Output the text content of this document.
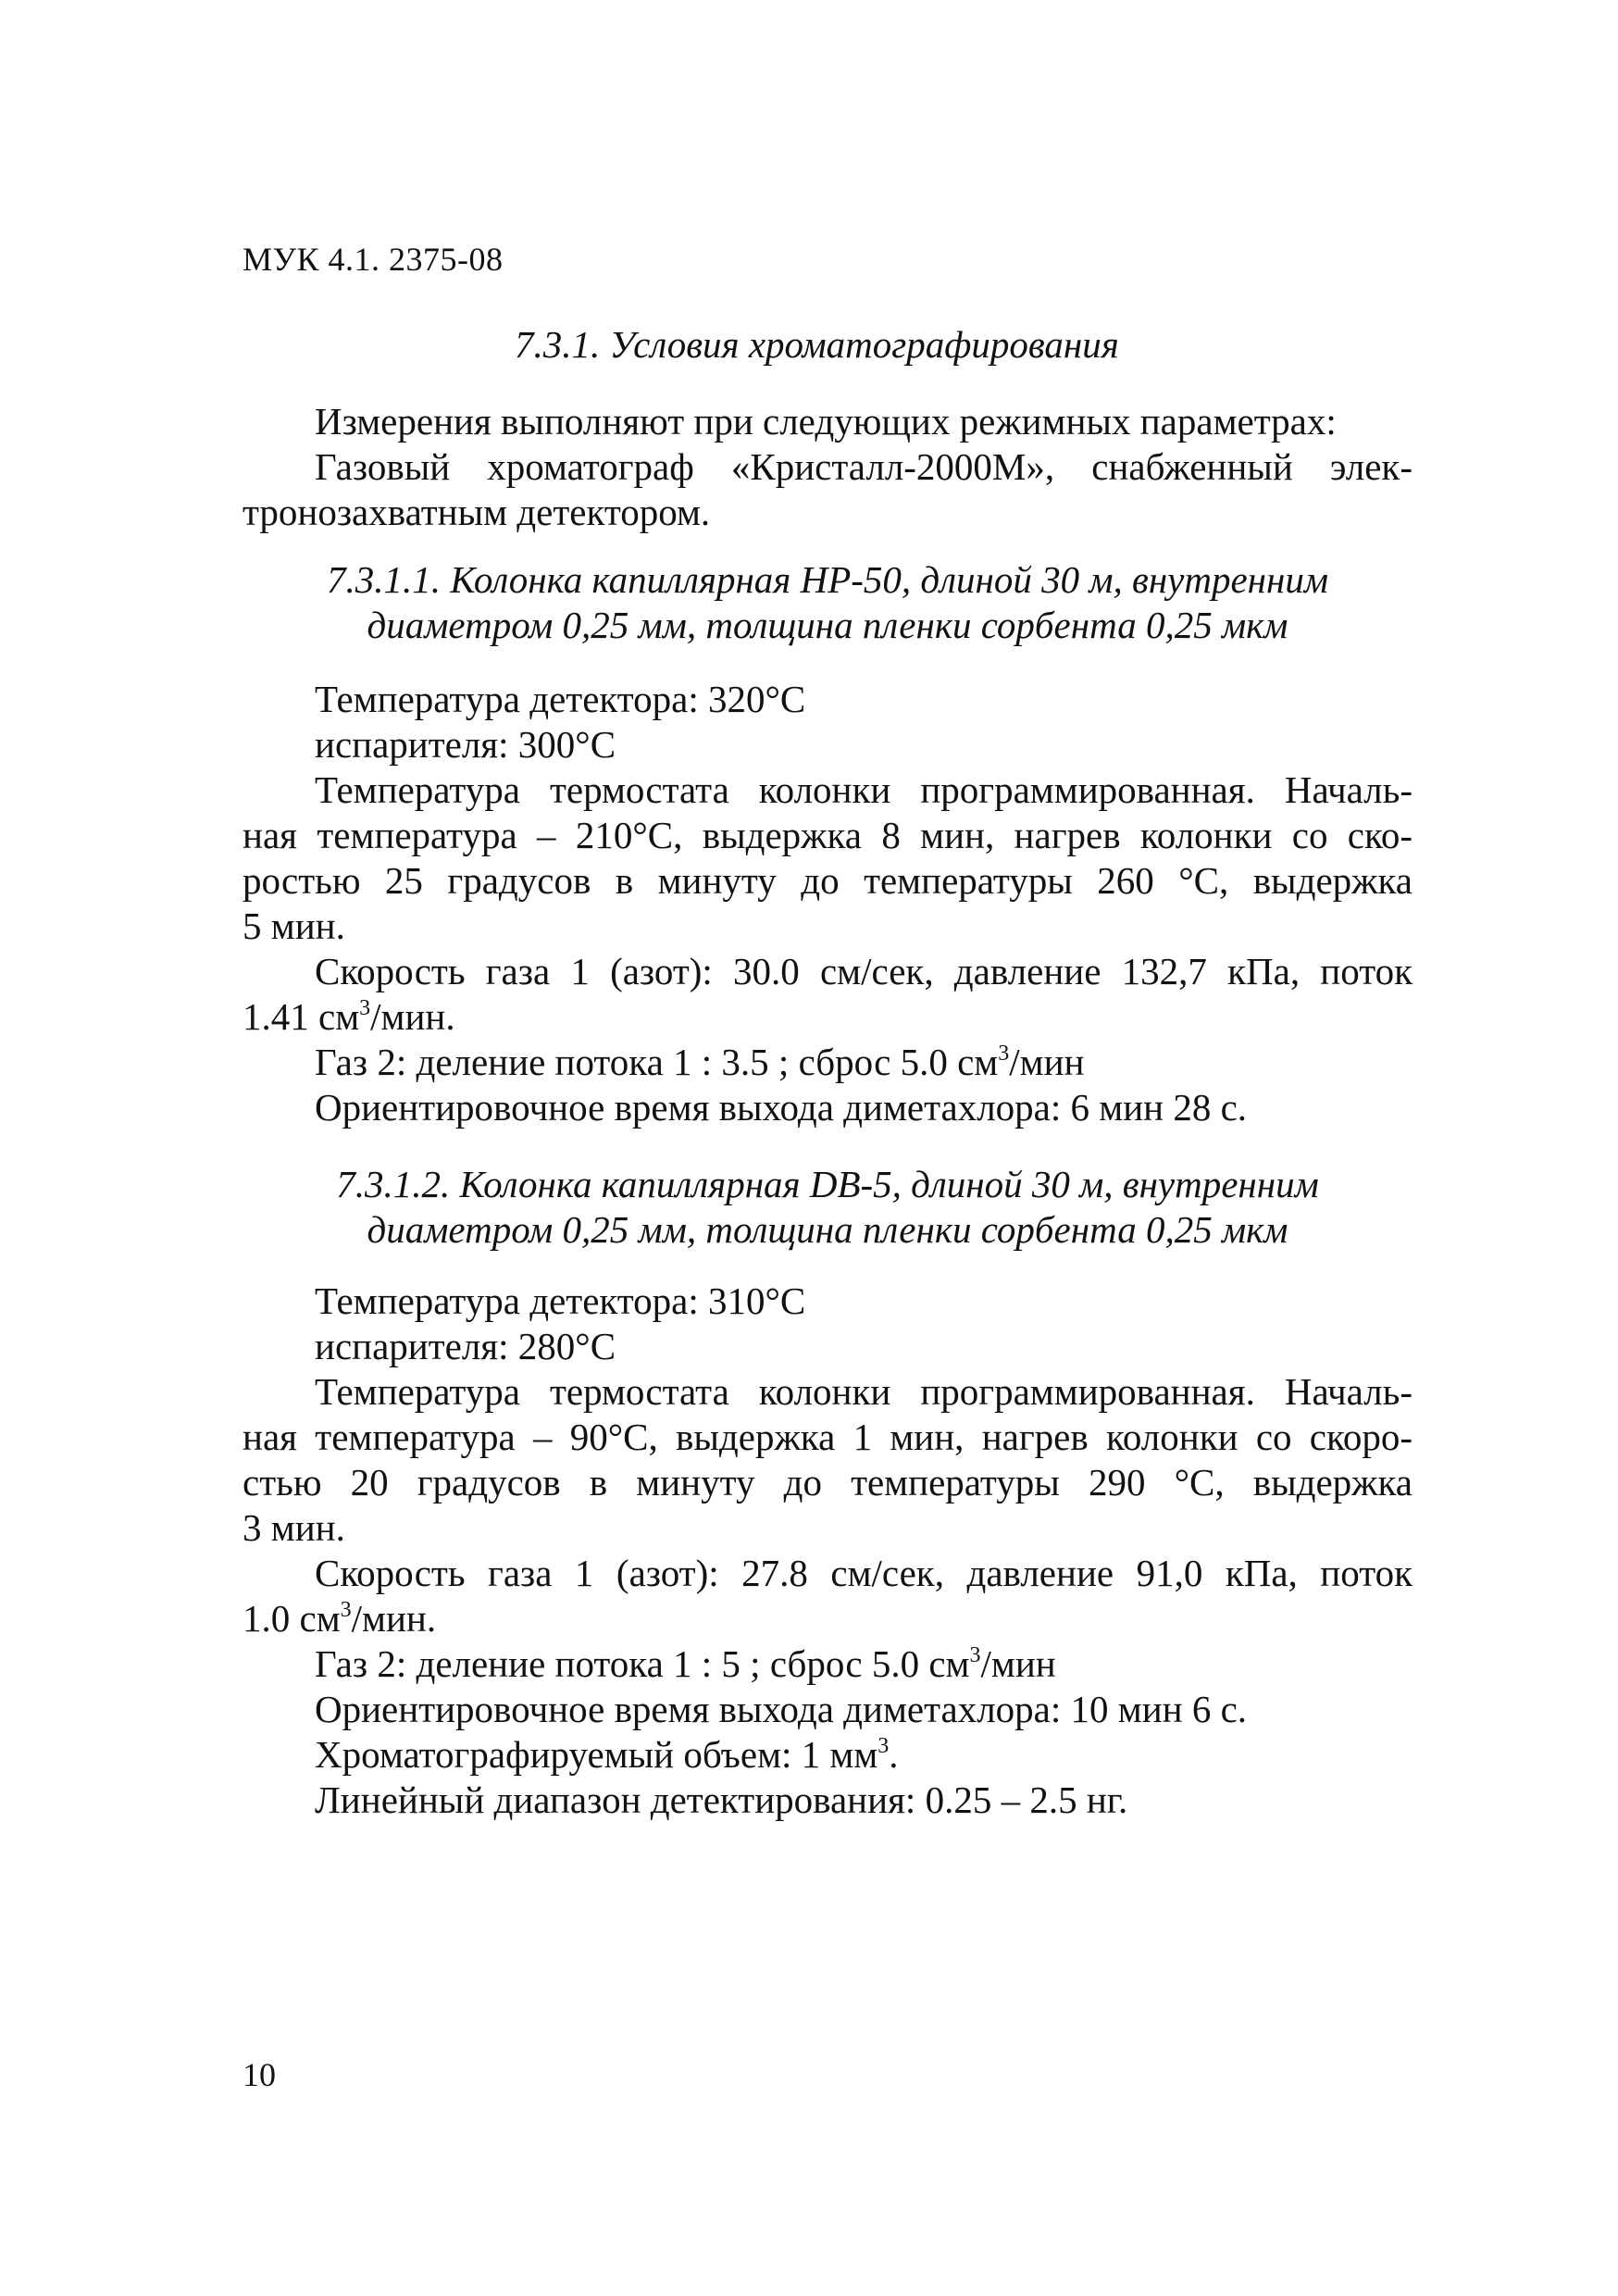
МУК 4.1. 2375-08
7.3.1. Условия хроматографирования
Измерения выполняют при следующих режимных параметрах:
Газовый хроматограф «Кристалл-2000М», снабженный элек-
тронозахватным детектором.
7.3.1.1. Колонка капиллярная НР-50, длиной 30 м, внутренним
диаметром 0,25 мм, толщина пленки сорбента 0,25 мкм
Температура детектора: 320°С
испарителя: 300°С
Температура термостата колонки программированная. Началь-
ная температура – 210°С, выдержка 8 мин, нагрев колонки со ско-
ростью 25 градусов в минуту до температуры 260 °С, выдержка
5 мин.
Скорость газа 1 (азот): 30.0 см/сек, давление 132,7 кПа, поток
1.41 $см^3$/мин.
Газ 2: деление потока 1 : 3.5 ; сброс 5.0 $см^3$/мин
Ориентировочное время выхода диметахлора: 6 мин 28 с.
7.3.1.2. Колонка капиллярная DB-5, длиной 30 м, внутренним
диаметром 0,25 мм, толщина пленки сорбента 0,25 мкм
Температура детектора: 310°С
испарителя: 280°С
Температура термостата колонки программированная. Началь-
ная температура – 90°С, выдержка 1 мин, нагрев колонки со скоро-
стью 20 градусов в минуту до температуры 290 °С, выдержка
3 мин.
Скорость газа 1 (азот): 27.8 см/сек, давление 91,0 кПа, поток
1.0 $см^3$/мин.
Газ 2: деление потока 1 : 5 ; сброс 5.0 $см^3$/мин
Ориентировочное время выхода диметахлора: 10 мин 6 с.
Хроматографируемый объем: 1 $мм^3$.
Линейный диапазон детектирования: 0.25 – 2.5 нг.
10
